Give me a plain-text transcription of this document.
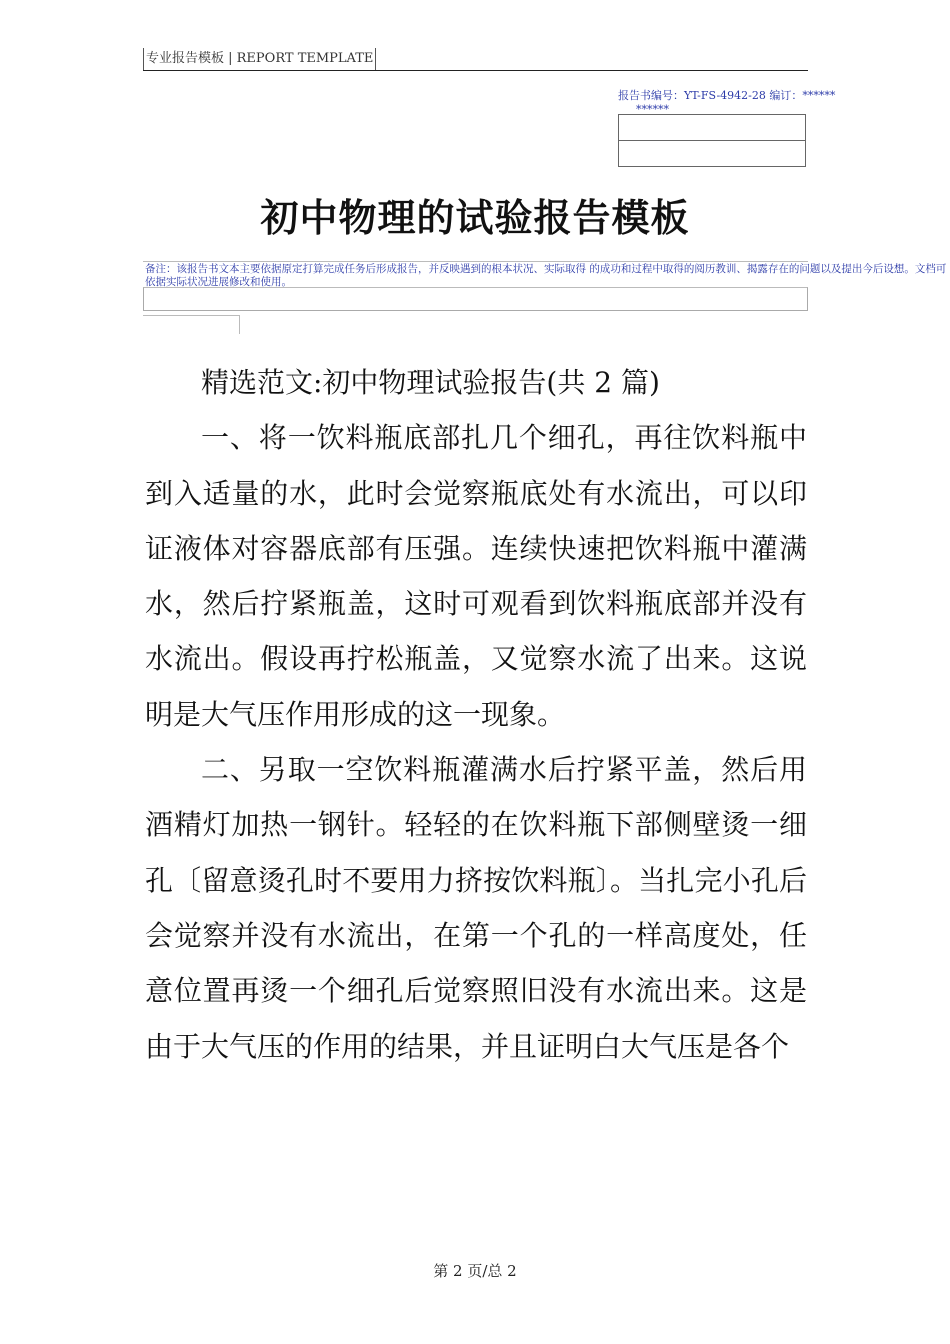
专业报告模板 | REPORT TEMPLATE
报告书编号：YT-FS-4942-28 编订：******
******
初中物理的试验报告模板
备注：该报告书文本主要依据原定打算完成任务后形成报告，并反映遇到的根本状况、实际取得 的成功和过程中取得的阅历教训、揭露存在的问题以及提出今后设想。文档可依据实际状况进展修改和使用。

精选范文:初中物理试验报告(共 2 篇)

一、将一饮料瓶底部扎几个细孔，再往饮料瓶中到入适量的水，此时会觉察瓶底处有水流出，可以印证液体对容器底部有压强。连续快速把饮料瓶中灌满水，然后拧紧瓶盖，这时可观看到饮料瓶底部并没有水流出。假设再拧松瓶盖，又觉察水流了出来。这说明是大气压作用形成的这一现象。

二、另取一空饮料瓶灌满水后拧紧平盖，然后用酒精灯加热一钢针。轻轻的在饮料瓶下部侧壁烫一细孔〔留意烫孔时不要用力挤按饮料瓶〕。当扎完小孔后会觉察并没有水流出，在第一个孔的一样高度处，任意位置再烫一个细孔后觉察照旧没有水流出来。这是由于大气压的作用的结果，并且证明白大气压是各个

第 2 页/总 2
